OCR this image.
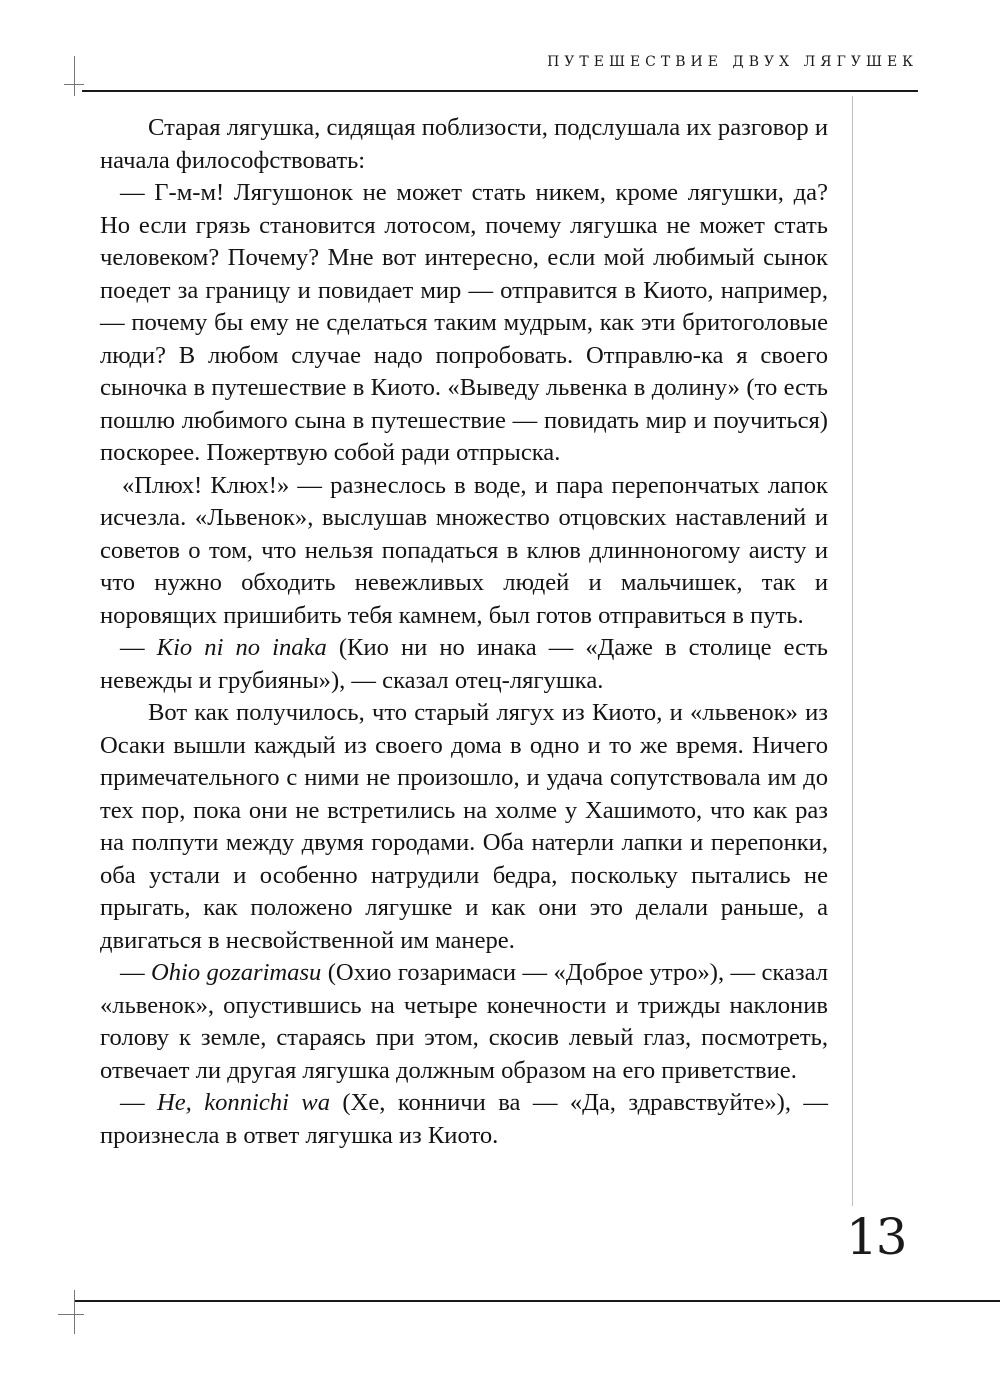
ПУТЕШЕСТВИЕ ДВУХ ЛЯГУШЕК

Старая лягушка, сидящая поблизости, подслушала их разговор и начала философствовать:

— Г-м-м! Лягушонок не может стать никем, кроме лягушки, да? Но если грязь становится лотосом, почему лягушка не может стать человеком? Почему? Мне вот интересно, если мой любимый сынок поедет за границу и повидает мир — отправится в Киото, например, — почему бы ему не сделаться таким мудрым, как эти бритоголовые люди? В любом случае надо попробовать. Отправлю-ка я своего сыночка в путешествие в Киото. «Выведу львенка в долину» (то есть пошлю любимого сына в путешествие — повидать мир и поучиться) поскорее. Пожертвую собой ради отпрыска.

«Плюх! Клюх!» — разнеслось в воде, и пара перепончатых лапок исчезла. «Львенок», выслушав множество отцовских наставлений и советов о том, что нельзя попадаться в клюв длинноногому аисту и что нужно обходить невежливых людей и мальчишек, так и норовящих пришибить тебя камнем, был готов отправиться в путь.

— Kio ni no inaka (Кио ни но инака — «Даже в столице есть невежды и грубияны»), — сказал отец-лягушка.

Вот как получилось, что старый лягух из Киото, и «львенок» из Осаки вышли каждый из своего дома в одно и то же время. Ничего примечательного с ними не произошло, и удача сопутствовала им до тех пор, пока они не встретились на холме у Хашимото, что как раз на полпути между двумя городами. Оба натерли лапки и перепонки, оба устали и особенно натрудили бедра, поскольку пытались не прыгать, как положено лягушке и как они это делали раньше, а двигаться в несвойственной им манере.

— Ohio gozarimasu (Охио гозаримаси — «Доброе утро»), — сказал «львенок», опустившись на четыре конечности и трижды наклонив голову к земле, стараясь при этом, скосив левый глаз, посмотреть, отвечает ли другая лягушка должным образом на его приветствие.

— He, konnichi wa (Хе, конничи ва — «Да, здравствуйте»), — произнесла в ответ лягушка из Киото.

13
